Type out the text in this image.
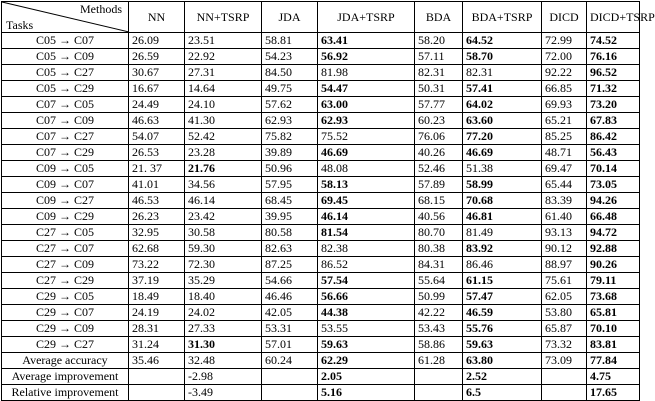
Methods
Tasks	NN	NN+TSRP	JDA	JDA+TSRP	BDA	BDA+TSRP	DICD	DICD+TSRP
C05 → C07	26.09	23.51	58.81	63.41	58.20	64.52	72.99	74.52
C05 → C09	26.59	22.92	54.23	56.92	57.11	58.70	72.00	76.16
C05 → C27	30.67	27.31	84.50	81.98	82.31	82.31	92.22	96.52
C05 → C29	16.67	14.64	49.75	54.47	50.31	57.41	66.85	71.32
C07 → C05	24.49	24.10	57.62	63.00	57.77	64.02	69.93	73.20
C07 → C09	46.63	41.30	62.93	62.93	60.23	63.60	65.21	67.83
C07 → C27	54.07	52.42	75.82	75.52	76.06	77.20	85.25	86.42
C07 → C29	26.53	23.28	39.89	46.69	40.26	46.69	48.71	56.43
C09 → C05	21. 37	21.76	50.96	48.08	52.46	51.38	69.47	70.14
C09 → C07	41.01	34.56	57.95	58.13	57.89	58.99	65.44	73.05
C09 → C27	46.53	46.14	68.45	69.45	68.15	70.68	83.39	94.26
C09 → C29	26.23	23.42	39.95	46.14	40.56	46.81	61.40	66.48
C27 → C05	32.95	30.58	80.58	81.54	80.70	81.49	93.13	94.72
C27 → C07	62.68	59.30	82.63	82.38	80.38	83.92	90.12	92.88
C27 → C09	73.22	72.30	87.25	86.52	84.31	86.46	88.97	90.26
C27 → C29	37.19	35.29	54.66	57.54	55.64	61.15	75.61	79.11
C29 → C05	18.49	18.40	46.46	56.66	50.99	57.47	62.05	73.68
C29 → C07	24.19	24.02	42.05	44.38	42.22	46.59	53.80	65.81
C29 → C09	28.31	27.33	53.31	53.55	53.43	55.76	65.87	70.10
C29 → C27	31.24	31.30	57.01	59.63	58.86	59.63	73.32	83.81
Average accuracy	35.46	32.48	60.24	62.29	61.28	63.80	73.09	77.84
Average improvement		-2.98		2.05		2.52		4.75
Relative improvement		-3.49		5.16		6.5		17.65
